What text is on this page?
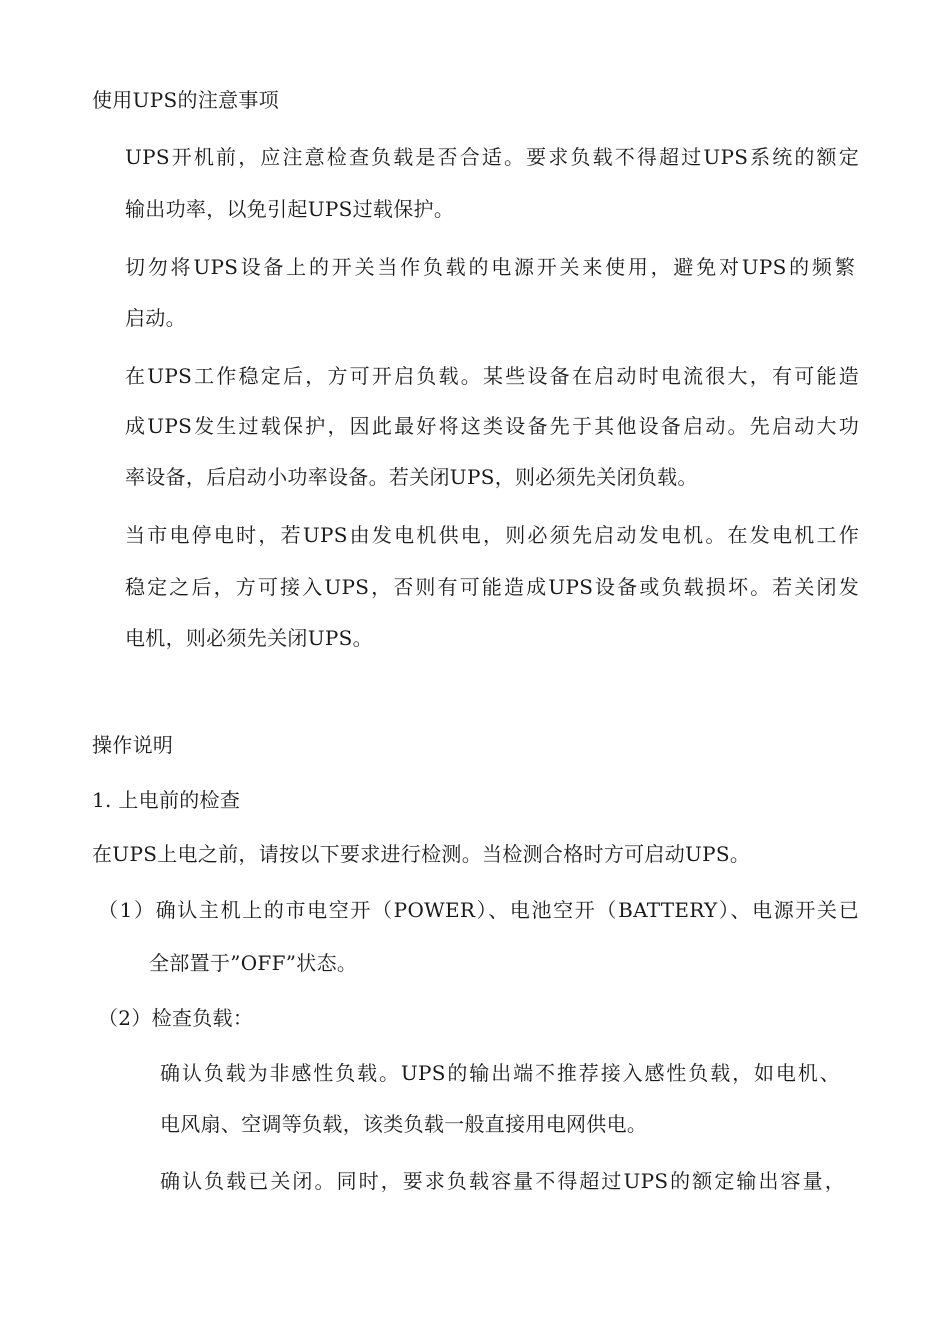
使用UPS的注意事项
UPS开机前，应注意检查负载是否合适。要求负载不得超过UPS系统的额定
输出功率，以免引起UPS过载保护。
切勿将UPS设备上的开关当作负载的电源开关来使用，避免对UPS的频繁
启动。
在UPS工作稳定后，方可开启负载。某些设备在启动时电流很大，有可能造
成UPS发生过载保护，因此最好将这类设备先于其他设备启动。先启动大功
率设备，后启动小功率设备。若关闭UPS，则必须先关闭负载。
当市电停电时，若UPS由发电机供电，则必须先启动发电机。在发电机工作
稳定之后，方可接入UPS，否则有可能造成UPS设备或负载损坏。若关闭发
电机，则必须先关闭UPS。
操作说明
1. 上电前的检查
在UPS上电之前，请按以下要求进行检测。当检测合格时方可启动UPS。
（1）确认主机上的市电空开（POWER）、电池空开（BATTERY）、电源开关已
全部置于”OFF”状态。
（2）检查负载：
确认负载为非感性负载。UPS的输出端不推荐接入感性负载，如电机、
电风扇、空调等负载，该类负载一般直接用电网供电。
确认负载已关闭。同时，要求负载容量不得超过UPS的额定输出容量，
